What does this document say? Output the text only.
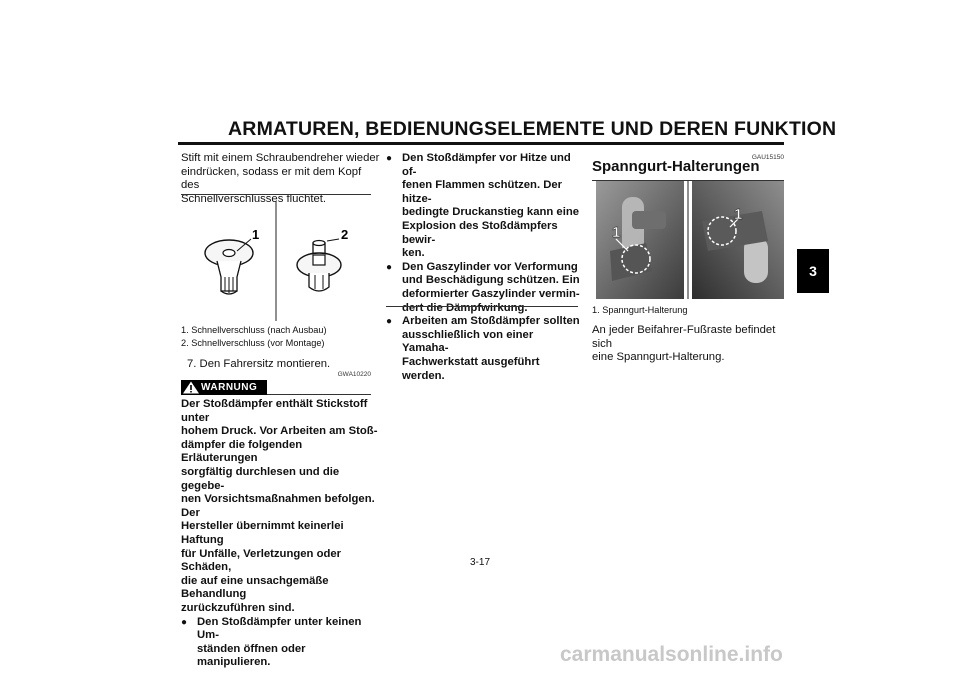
ARMATUREN, BEDIENUNGSELEMENTE UND DEREN FUNKTION
3
Stift mit einem Schraubendreher wieder
eindrücken, sodass er mit dem Kopf des
Schnellverschlusses fluchtet.
1	2
1. Schnellverschluss (nach Ausbau)
2. Schnellverschluss (vor Montage)
7. Den Fahrersitz montieren.
GWA10220
WARNUNG
Der Stoßdämpfer enthält Stickstoff unter
hohem Druck. Vor Arbeiten am Stoß-
dämpfer die folgenden Erläuterungen
sorgfältig durchlesen und die gegebe-
nen Vorsichtsmaßnahmen befolgen. Der
Hersteller übernimmt keinerlei Haftung
für Unfälle, Verletzungen oder Schäden,
die auf eine unsachgemäße Behandlung
zurückzuführen sind.
● Den Stoßdämpfer unter keinen Um-
ständen öffnen oder manipulieren.
● Den Stoßdämpfer vor Hitze und of-
fenen Flammen schützen. Der hitze-
bedingte Druckanstieg kann eine
Explosion des Stoßdämpfers bewir-
ken.
● Den Gaszylinder vor Verformung
und Beschädigung schützen. Ein
deformierter Gaszylinder vermin-
dert die Dämpfwirkung.
● Arbeiten am Stoßdämpfer sollten
ausschließlich von einer Yamaha-
Fachwerkstatt ausgeführt werden.
GAU15150
Spanngurt-Halterungen
1
1
1. Spanngurt-Halterung
An jeder Beifahrer-Fußraste befindet sich
eine Spanngurt-Halterung.
3-17
carmanualsonline.info
